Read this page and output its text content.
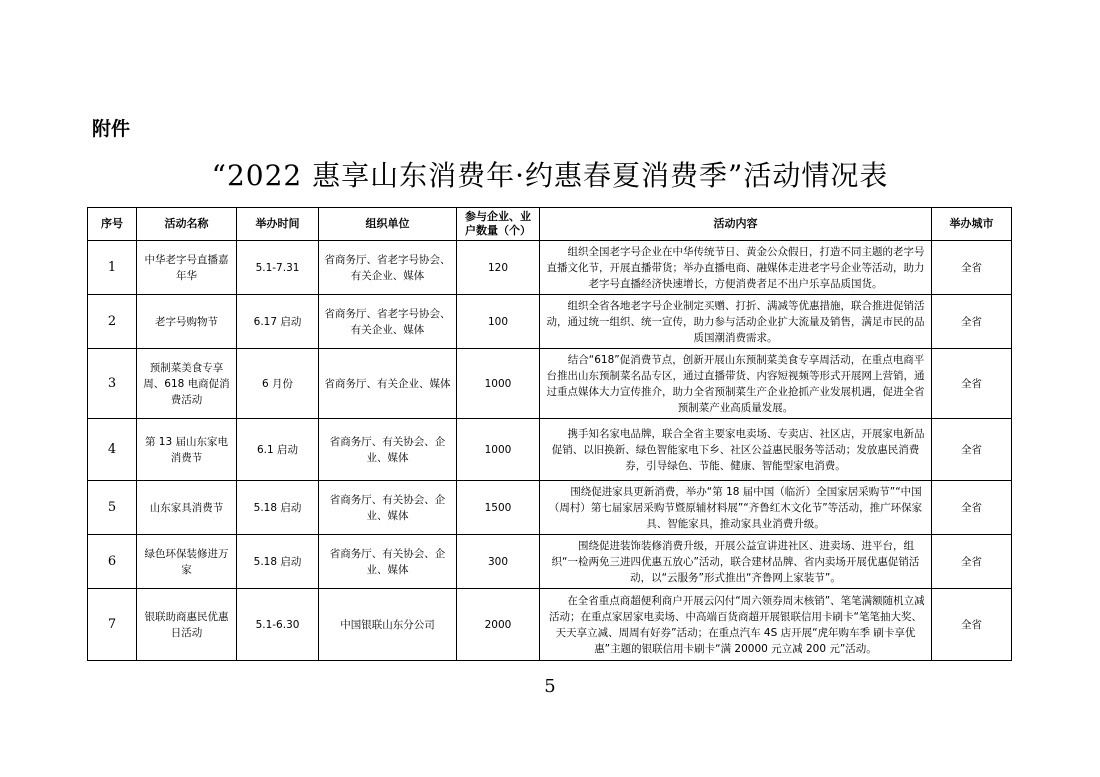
附件
“2022 惠享山东消费年·约惠春夏消费季”活动情况表
序号	活动名称	举办时间	组织单位	参与企业、业户数量（个）	活动内容	举办城市
1	中华老字号直播嘉年华	5.1-7.31	省商务厅、省老字号协会、有关企业、媒体	120	组织全国老字号企业在中华传统节日、黄金公众假日，打造不同主题的老字号直播文化节，开展直播带货；举办直播电商、融媒体走进老字号企业等活动，助力老字号直播经济快速增长，方便消费者足不出户乐享品质国货。	全省
2	老字号购物节	6.17 启动	省商务厅、省老字号协会、有关企业、媒体	100	组织全省各地老字号企业制定买赠、打折、满减等优惠措施，联合推进促销活动，通过统一组织、统一宣传，助力参与活动企业扩大流量及销售，满足市民的品质国潮消费需求。	全省
3	预制菜美食专享周、618 电商促消费活动	6 月份	省商务厅、有关企业、媒体	1000	结合“618”促消费节点，创新开展山东预制菜美食专享周活动，在重点电商平台推出山东预制菜名品专区，通过直播带货、内容短视频等形式开展网上营销，通过重点媒体大力宣传推介，助力全省预制菜生产企业抢抓产业发展机遇，促进全省预制菜产业高质量发展。	全省
4	第 13 届山东家电消费节	6.1 启动	省商务厅、有关协会、企业、媒体	1000	携手知名家电品牌，联合全省主要家电卖场、专卖店、社区店，开展家电新品促销、以旧换新、绿色智能家电下乡、社区公益惠民服务等活动；发放惠民消费券，引导绿色、节能、健康、智能型家电消费。	全省
5	山东家具消费节	5.18 启动	省商务厅、有关协会、企业、媒体	1500	围绕促进家具更新消费，举办“第 18 届中国（临沂）全国家居采购节”“中国（周村）第七届家居采购节暨原辅材料展”“齐鲁红木文化节”等活动，推广环保家具、智能家具，推动家具业消费升级。	全省
6	绿色环保装修进万家	5.18 启动	省商务厅、有关协会、企业、媒体	300	围绕促进装饰装修消费升级，开展公益宣讲进社区、进卖场、进平台，组织“一检两免三进四优惠五放心”活动，联合建材品牌、省内卖场开展优惠促销活动，以“云服务”形式推出“齐鲁网上家装节”。	全省
7	银联助商惠民优惠日活动	5.1-6.30	中国银联山东分公司	2000	在全省重点商超便利商户开展云闪付“周六领券周末核销”、笔笔满额随机立减活动；在重点家居家电卖场、中高端百货商超开展银联信用卡刷卡“笔笔抽大奖、天天享立减、周周有好券”活动；在重点汽车 4S 店开展“虎年购车季 刷卡享优惠”主题的银联信用卡刷卡“满 20000 元立减 200 元”活动。	全省
5
